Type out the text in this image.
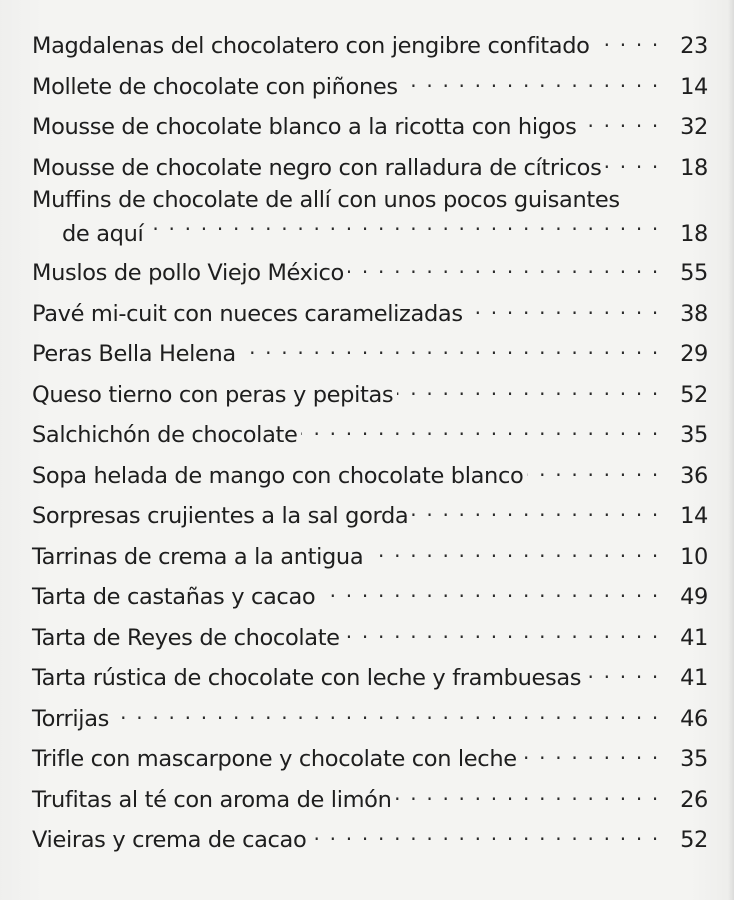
Magdalenas del chocolatero con jengibre confitado . . .	23
Mollete de chocolate con piñones . . .	14
Mousse de chocolate blanco a la ricotta con higos . . .	32
Mousse de chocolate negro con ralladura de cítricos . . .	18
Muffins de chocolate de allí con unos pocos guisantes
de aquí . . .	18
Muslos de pollo Viejo México . . .	55
Pavé mi-cuit con nueces caramelizadas . . .	38
Peras Bella Helena . . .	29
Queso tierno con peras y pepitas . . .	52
Salchichón de chocolate . . .	35
Sopa helada de mango con chocolate blanco . . .	36
Sorpresas crujientes a la sal gorda . . .	14
Tarrinas de crema a la antigua . . .	10
Tarta de castañas y cacao . . .	49
Tarta de Reyes de chocolate . . .	41
Tarta rústica de chocolate con leche y frambuesas . . .	41
Torrijas . . .	46
Trifle con mascarpone y chocolate con leche . . .	35
Trufitas al té con aroma de limón . . .	26
Vieiras y crema de cacao . . .	52
